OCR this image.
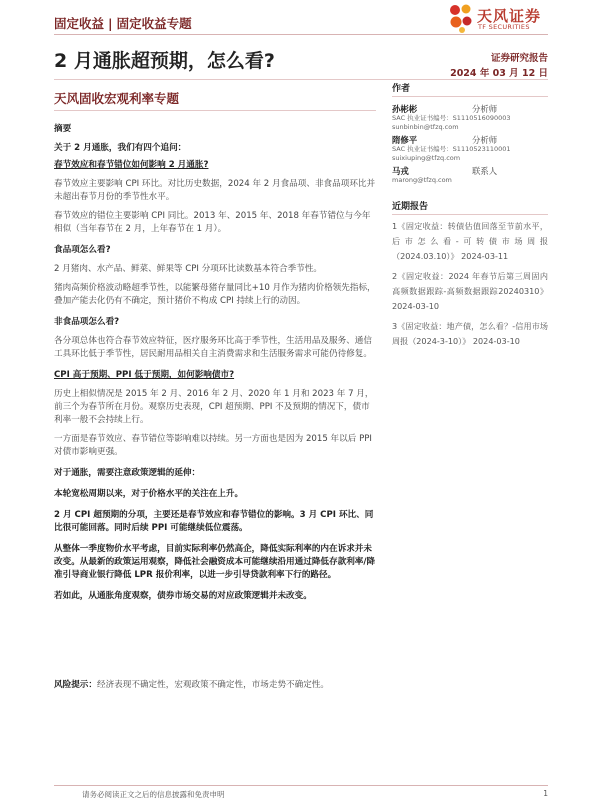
固定收益 | 固定收益专题	天风证券
TF SECURITIES
2 月通胀超预期，怎么看?	证券研究报告
2024 年 03 月 12 日
天风固收宏观利率专题

摘要

关于 2 月通胀，我们有四个追问：

春节效应和春节错位如何影响 2 月通胀?

春节效应主要影响 CPI 环比。对比历史数据，2024 年 2 月食品项、非食品项环比并未超出春节月份的季节性水平。

春节效应的错位主要影响 CPI 同比。2013 年、2015 年、2018 年春节错位与今年相似（当年春节在 2 月，上年春节在 1 月）。

食品项怎么看?

2 月猪肉、水产品、鲜菜、鲜果等 CPI 分项环比读数基本符合季节性。

猪肉高频价格波动略超季节性，以能繁母猪存量同比+10 月作为猪肉价格领先指标，叠加产能去化仍有不确定，预计猪价不构成 CPI 持续上行的动因。

非食品项怎么看?

各分项总体也符合春节效应特征，医疗服务环比高于季节性，生活用品及服务、通信工具环比低于季节性，居民耐用品相关自主消费需求和生活服务需求可能仍待修复。

CPI 高于预期、PPI 低于预期，如何影响债市?

历史上相似情况是 2015 年 2 月、2016 年 2 月、2020 年 1 月和 2023 年 7 月，前三个为春节所在月份。观察历史表现，CPI 超预期、PPI 不及预期的情况下，债市利率一般不会持续上行。

一方面是春节效应、春节错位等影响难以持续。另一方面也是因为 2015 年以后 PPI 对债市影响更强。

对于通胀，需要注意政策逻辑的延伸：

本轮宽松周期以来，对于价格水平的关注在上升。

2 月 CPI 超预期的分项，主要还是春节效应和春节错位的影响。3 月 CPI 环比、同比很可能回落。同时后续 PPI 可能继续低位震荡。

从整体一季度物价水平考虑，目前实际利率仍然高企，降低实际利率的内在诉求并未改变。从最新的政策运用观察，降低社会融资成本可能继续沿用通过降低存款利率/降准引导商业银行降低 LPR 报价利率，以进一步引导贷款利率下行的路径。

若如此，从通胀角度观察，债券市场交易的对应政策逻辑并未改变。

风险提示：经济表现不确定性，宏观政策不确定性，市场走势不确定性。
作者
孙彬彬	分析师
SAC 执业证书编号：S1110516090003
sunbinbin@tfzq.com
隋修平	分析师
SAC 执业证书编号：S1110523110001
suixiuping@tfzq.com
马戎	联系人
marong@tfzq.com
近期报告

1《固定收益：转债估值回落至节前水平，后市怎么看-可转债市场周报（2024.03.10）》 2024-03-11

2《固定收益：2024 年春节后第三周固内高频数据跟踪-高频数据跟踪20240310》 2024-03-10

3《固定收益：地产债，怎么看？-信用市场周报（2024-3-10）》 2024-03-10

请务必阅读正文之后的信息披露和免责申明	1
